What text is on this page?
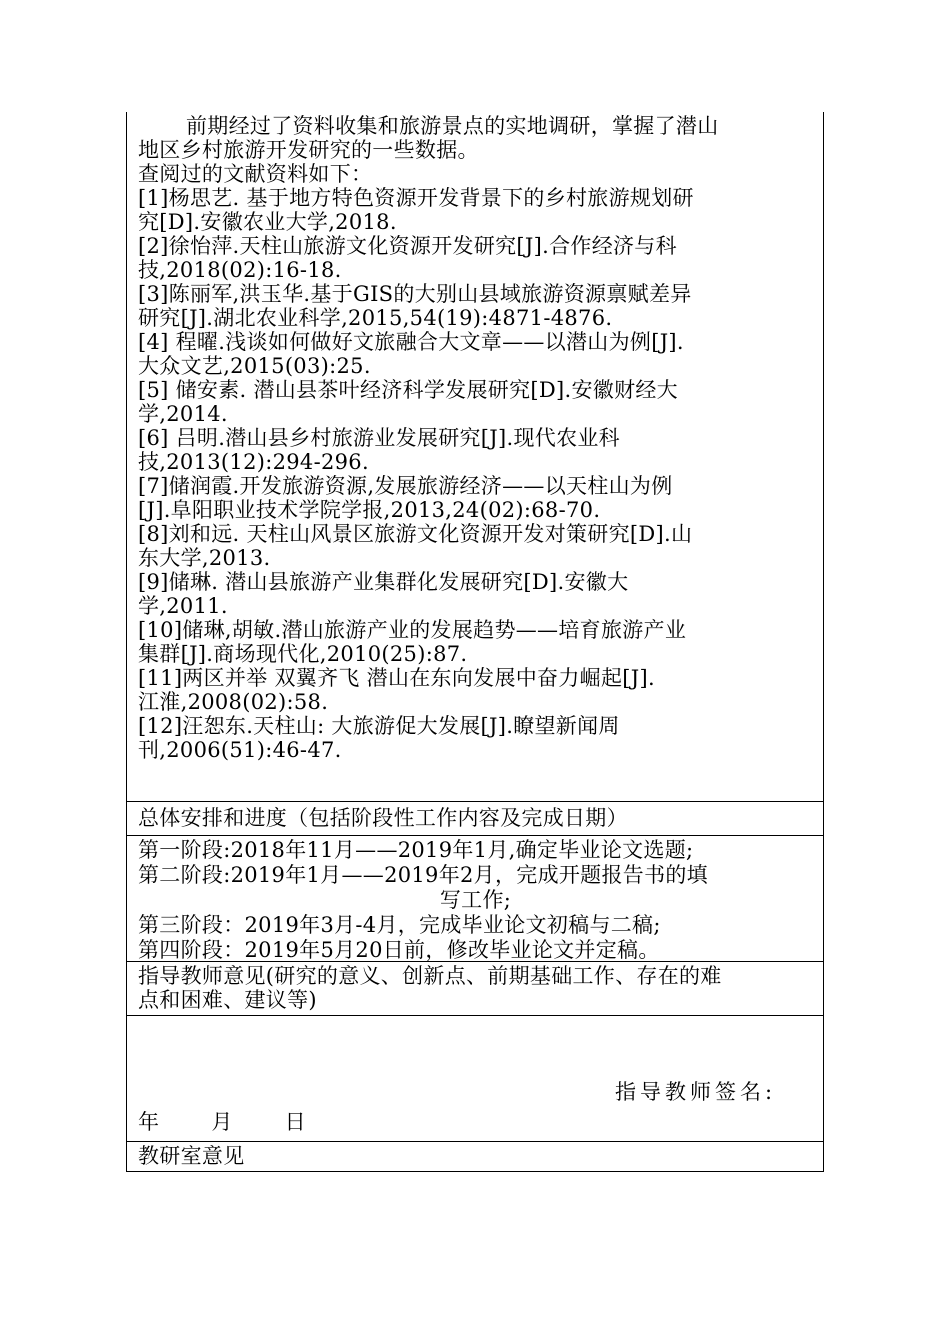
前期经过了资料收集和旅游景点的实地调研，掌握了潜山
地区乡村旅游开发研究的一些数据。
查阅过的文献资料如下：
[1]杨思艺. 基于地方特色资源开发背景下的乡村旅游规划研
究[D].安徽农业大学,2018.
[2]徐怡萍.天柱山旅游文化资源开发研究[J].合作经济与科
技,2018(02):16-18.
[3]陈丽军,洪玉华.基于GIS的大别山县域旅游资源禀赋差异
研究[J].湖北农业科学,2015,54(19):4871-4876.
[4] 程曜.浅谈如何做好文旅融合大文章——以潜山为例[J].
大众文艺,2015(03):25.
[5] 储安素. 潜山县茶叶经济科学发展研究[D].安徽财经大
学,2014.
[6] 吕明.潜山县乡村旅游业发展研究[J].现代农业科
技,2013(12):294-296.
[7]储润霞.开发旅游资源,发展旅游经济——以天柱山为例
[J].阜阳职业技术学院学报,2013,24(02):68-70.
[8]刘和远. 天柱山风景区旅游文化资源开发对策研究[D].山
东大学,2013.
[9]储琳. 潜山县旅游产业集群化发展研究[D].安徽大
学,2011.
[10]储琳,胡敏.潜山旅游产业的发展趋势——培育旅游产业
集群[J].商场现代化,2010(25):87.
[11]两区并举 双翼齐飞 潜山在东向发展中奋力崛起[J].
江淮,2008(02):58.
[12]汪恕东.天柱山: 大旅游促大发展[J].瞭望新闻周
刊,2006(51):46-47.
总体安排和进度（包括阶段性工作内容及完成日期）
第一阶段:2018年11月——2019年1月,确定毕业论文选题;
第二阶段:2019年1月——2019年2月，完成开题报告书的填
写工作;
第三阶段：2019年3月-4月，完成毕业论文初稿与二稿;
第四阶段：2019年5月20日前，修改毕业论文并定稿。
指导教师意见(研究的意义、创新点、前期基础工作、存在的难
点和困难、建议等)
指导教师签名:
年 月 日
教研室意见
